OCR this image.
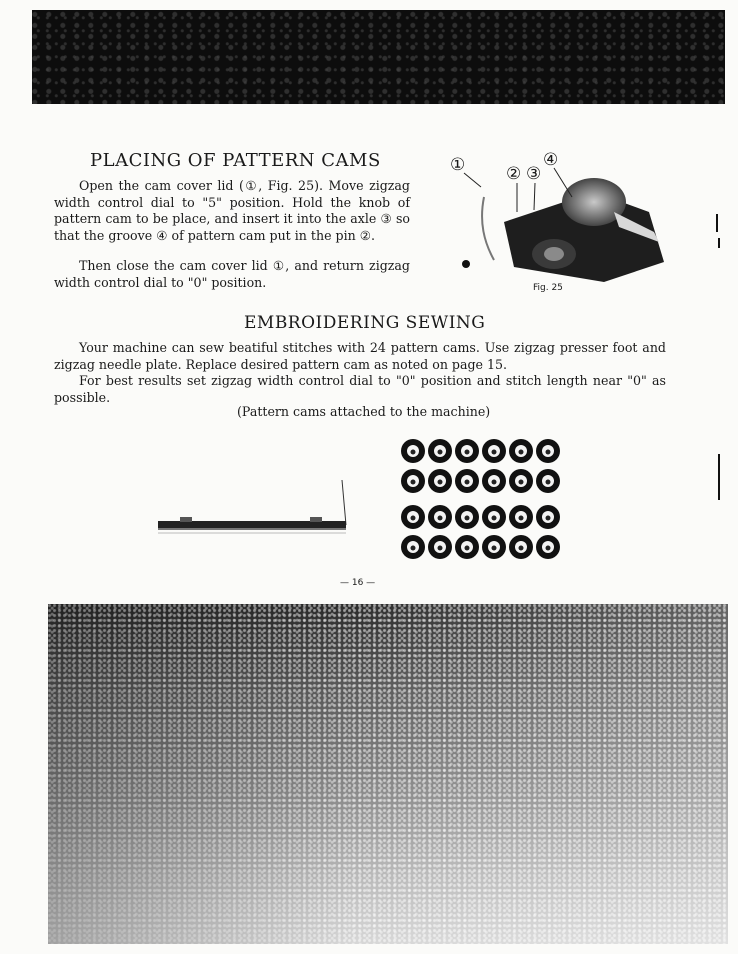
PLACING OF PATTERN CAMS

Open the cam cover lid (①, Fig. 25). Move zigzag width control dial to "5" position. Hold the knob of pattern cam to be place, and insert it into the axle ③ so that the groove ④ of pattern cam put in the pin ②.

Then close the cam cover lid ①, and return zigzag width control dial to "0" position.

① ② ③
④
Fig. 25
EMBROIDERING SEWING

Your machine can sew beatiful stitches with 24 pattern cams. Use zigzag presser foot and zigzag needle plate. Replace desired pattern cam as noted on page 15.

For best results set zigzag width control dial to "0" position and stitch length near "0" as possible.

(Pattern cams attached to the machine)
— 16 —
